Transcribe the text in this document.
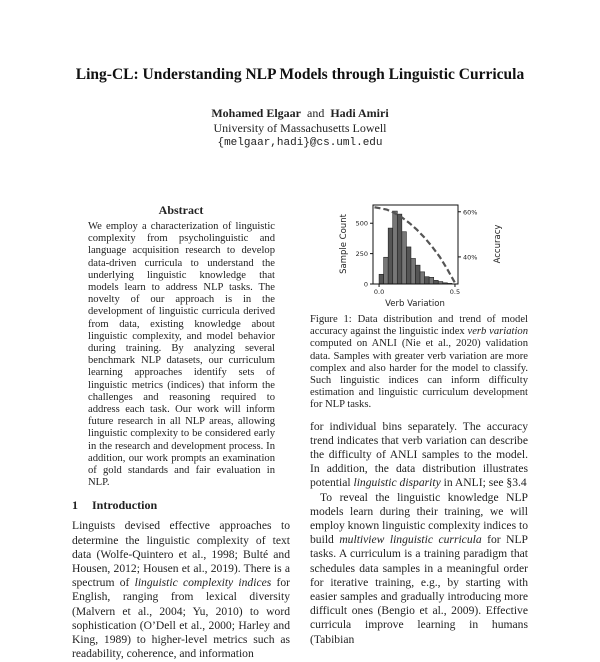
Ling-CL: Understanding NLP Models through Linguistic Curricula
Mohamed Elgaar and Hadi Amiri
University of Massachusetts Lowell
{melgaar,hadi}@cs.uml.edu
Abstract
We employ a characterization of linguistic complexity from psycholinguistic and language acquisition research to develop data-driven curricula to understand the underlying linguistic knowledge that models learn to address NLP tasks. The novelty of our approach is in the development of linguistic curricula derived from data, existing knowledge about linguistic complexity, and model behavior during training. By analyzing several benchmark NLP datasets, our curriculum learning approaches identify sets of linguistic metrics (indices) that inform the challenges and reasoning required to address each task. Our work will inform future research in all NLP areas, allowing linguistic complexity to be considered early in the research and development process. In addition, our work prompts an examination of gold standards and fair evaluation in NLP.
1 Introduction
Linguists devised effective approaches to determine the linguistic complexity of text data (Wolfe-Quintero et al., 1998; Bulté and Housen, 2012; Housen et al., 2019). There is a spectrum of linguistic complexity indices for English, ranging from lexical diversity (Malvern et al., 2004; Yu, 2010) to word sophistication (O’Dell et al., 2000; Harley and King, 1989) to higher-level metrics such as readability, coherence, and information
0.0	0.5
0
250
500
40%
60%
Verb Variation
Sample Count	Accuracy
Figure 1: Data distribution and trend of model accuracy against the linguistic index verb variation computed on ANLI (Nie et al., 2020) validation data. Samples with greater verb variation are more complex and also harder for the model to classify. Such linguistic indices can inform difficulty estimation and linguistic curriculum development for NLP tasks.

for individual bins separately. The accuracy trend indicates that verb variation can describe the difficulty of ANLI samples to the model. In addition, the data distribution illustrates potential linguistic disparity in ANLI; see §3.4

To reveal the linguistic knowledge NLP models learn during their training, we will employ known linguistic complexity indices to build multiview linguistic curricula for NLP tasks. A curriculum is a training paradigm that schedules data samples in a meaningful order for iterative training, e.g., by starting with easier samples and gradually introducing more difficult ones (Bengio et al., 2009). Effective curricula improve learning in humans (Tabibian
